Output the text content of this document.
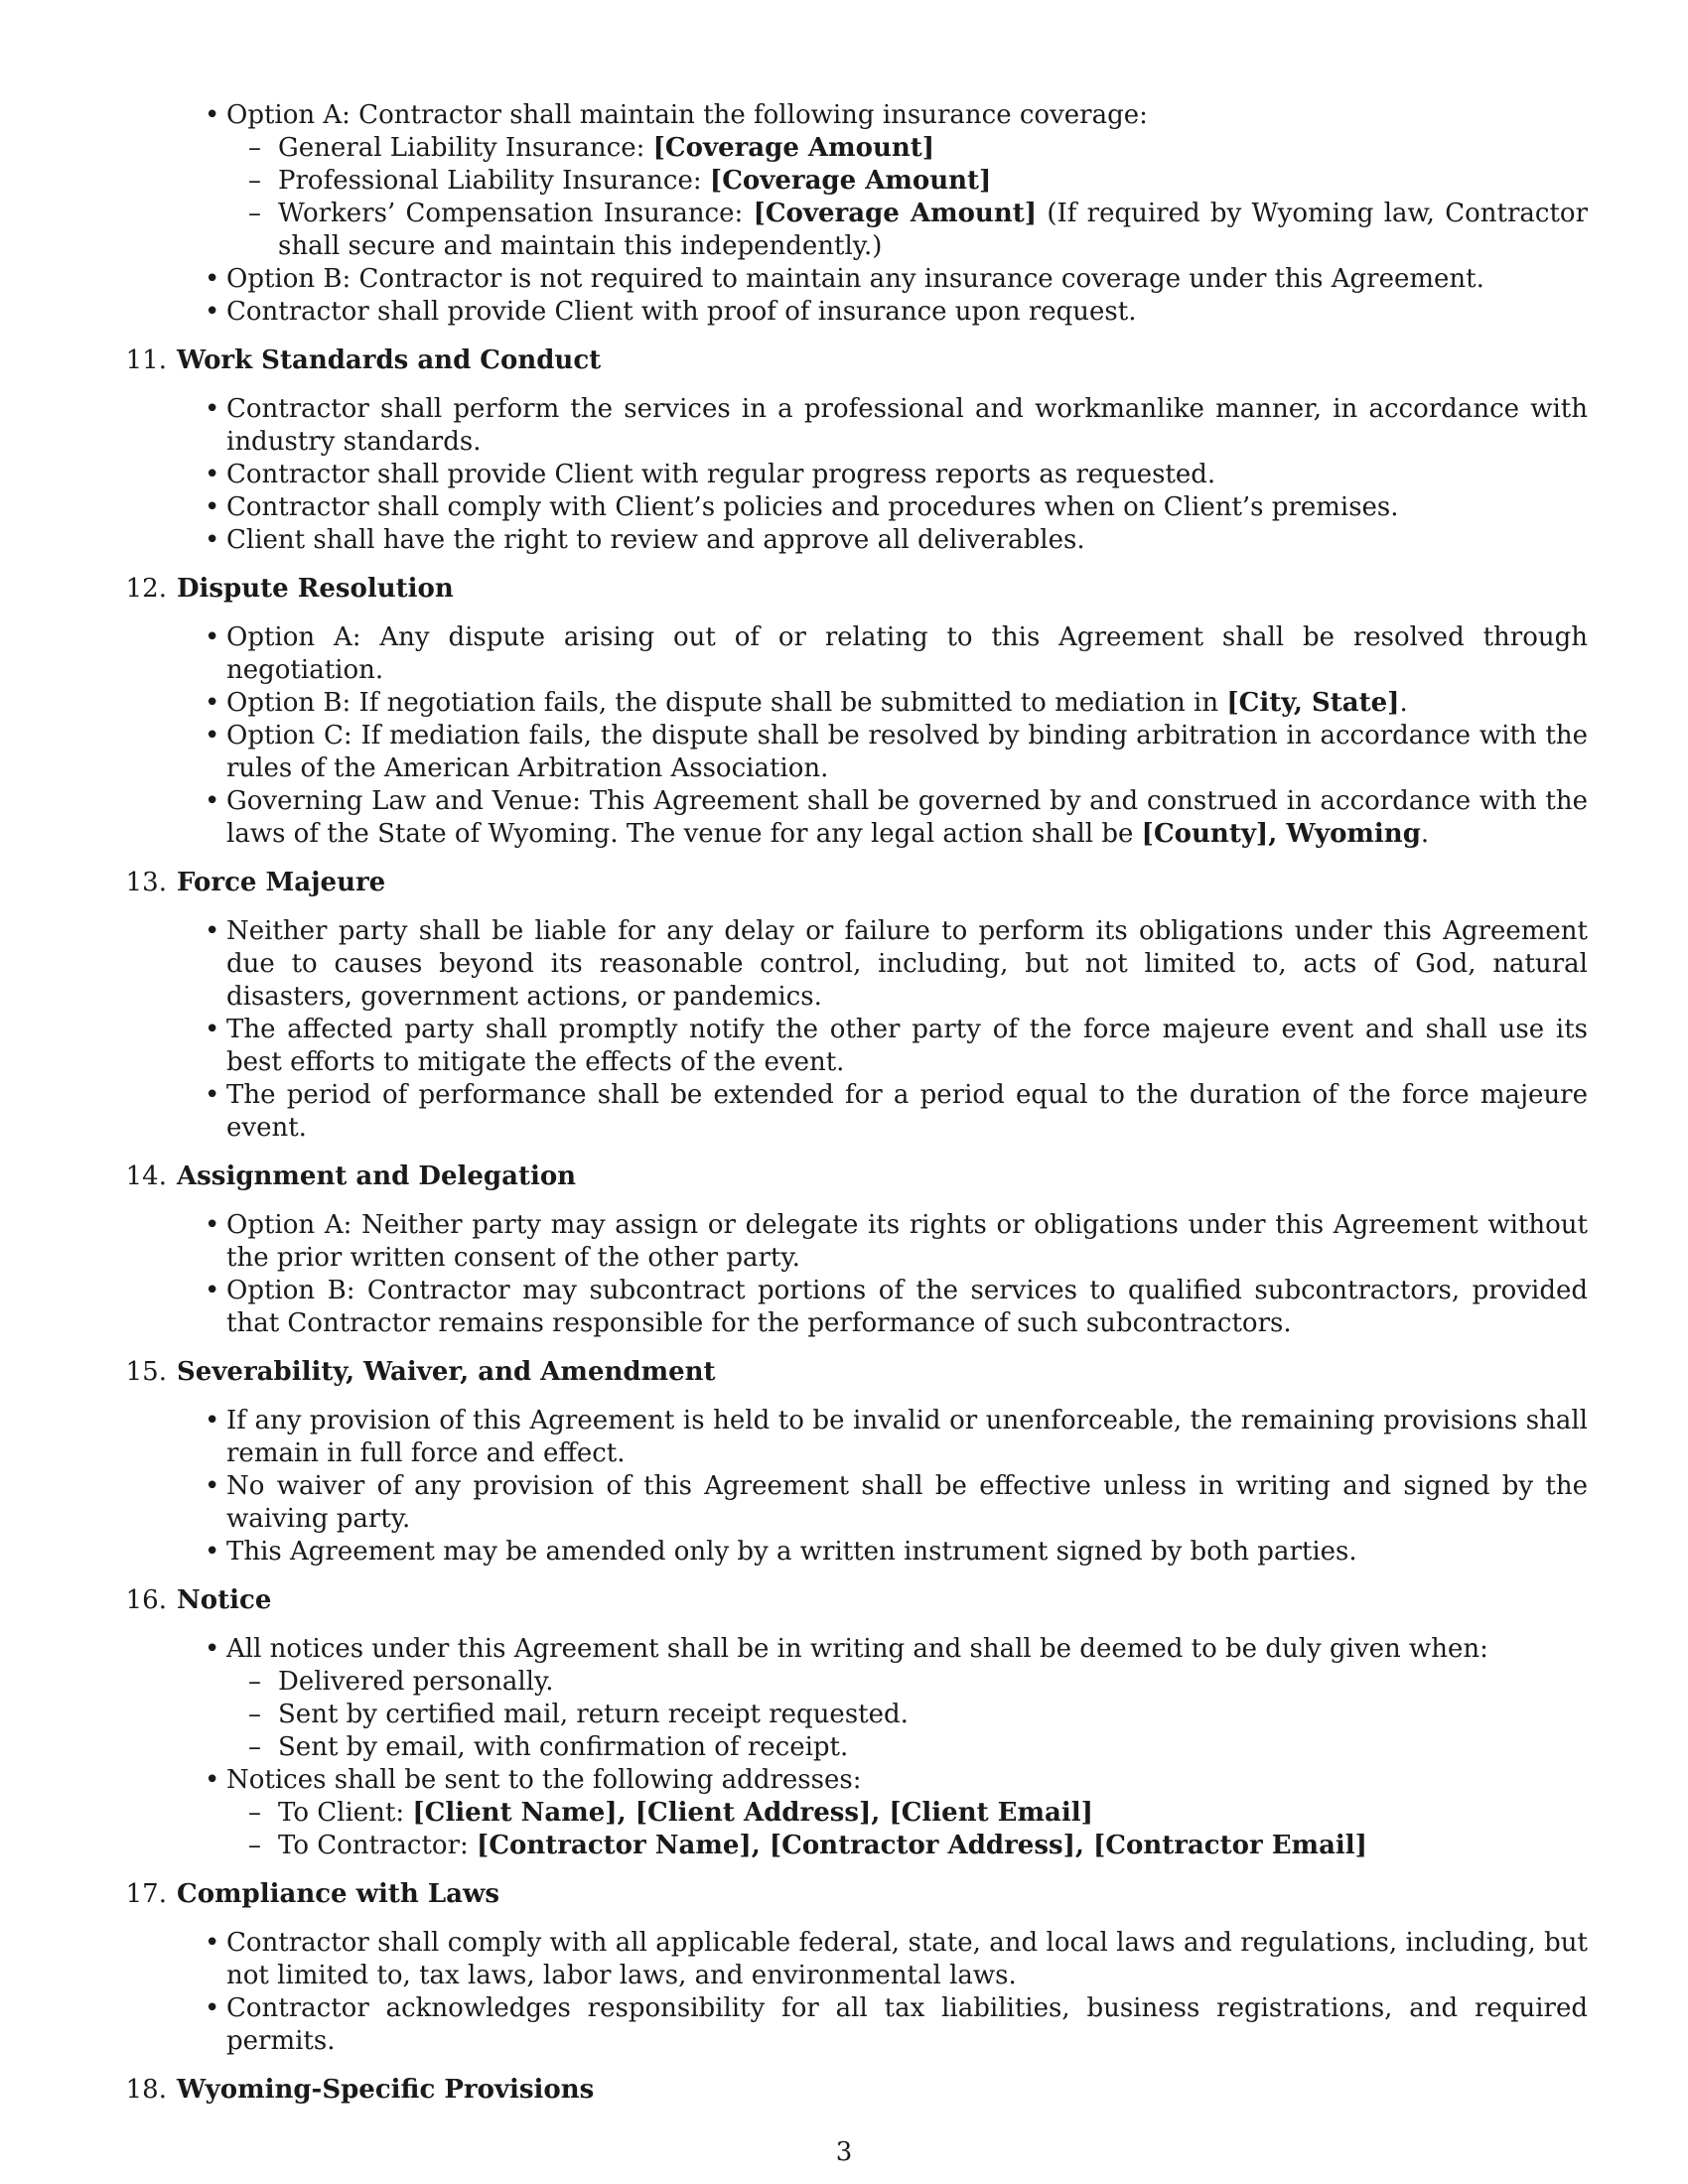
• Option A: Contractor shall maintain the following insurance coverage:
– General Liability Insurance: [Coverage Amount]
– Professional Liability Insurance: [Coverage Amount]
– Workers’ Compensation Insurance: [Coverage Amount] (If required by Wyoming law, Contractor shall secure and maintain this independently.)
• Option B: Contractor is not required to maintain any insurance coverage under this Agreement.
• Contractor shall provide Client with proof of insurance upon request.
11. Work Standards and Conduct
• Contractor shall perform the services in a professional and workmanlike manner, in accordance with industry standards.
• Contractor shall provide Client with regular progress reports as requested.
• Contractor shall comply with Client’s policies and procedures when on Client’s premises.
• Client shall have the right to review and approve all deliverables.
12. Dispute Resolution
• Option A: Any dispute arising out of or relating to this Agreement shall be resolved through negotiation.
• Option B: If negotiation fails, the dispute shall be submitted to mediation in [City, State].
• Option C: If mediation fails, the dispute shall be resolved by binding arbitration in accordance with the rules of the American Arbitration Association.
• Governing Law and Venue: This Agreement shall be governed by and construed in accordance with the laws of the State of Wyoming. The venue for any legal action shall be [County], Wyoming.
13. Force Majeure
• Neither party shall be liable for any delay or failure to perform its obligations under this Agreement due to causes beyond its reasonable control, including, but not limited to, acts of God, natural disasters, government actions, or pandemics.
• The affected party shall promptly notify the other party of the force majeure event and shall use its best efforts to mitigate the effects of the event.
• The period of performance shall be extended for a period equal to the duration of the force majeure event.
14. Assignment and Delegation
• Option A: Neither party may assign or delegate its rights or obligations under this Agreement without the prior written consent of the other party.
• Option B: Contractor may subcontract portions of the services to qualified subcontractors, provided that Contractor remains responsible for the performance of such subcontractors.
15. Severability, Waiver, and Amendment
• If any provision of this Agreement is held to be invalid or unenforceable, the remaining provisions shall remain in full force and effect.
• No waiver of any provision of this Agreement shall be effective unless in writing and signed by the waiving party.
• This Agreement may be amended only by a written instrument signed by both parties.
16. Notice
• All notices under this Agreement shall be in writing and shall be deemed to be duly given when:
– Delivered personally.
– Sent by certified mail, return receipt requested.
– Sent by email, with confirmation of receipt.
• Notices shall be sent to the following addresses:
– To Client: [Client Name], [Client Address], [Client Email]
– To Contractor: [Contractor Name], [Contractor Address], [Contractor Email]
17. Compliance with Laws
• Contractor shall comply with all applicable federal, state, and local laws and regulations, including, but not limited to, tax laws, labor laws, and environmental laws.
• Contractor acknowledges responsibility for all tax liabilities, business registrations, and required permits.
18. Wyoming-Specific Provisions
3
